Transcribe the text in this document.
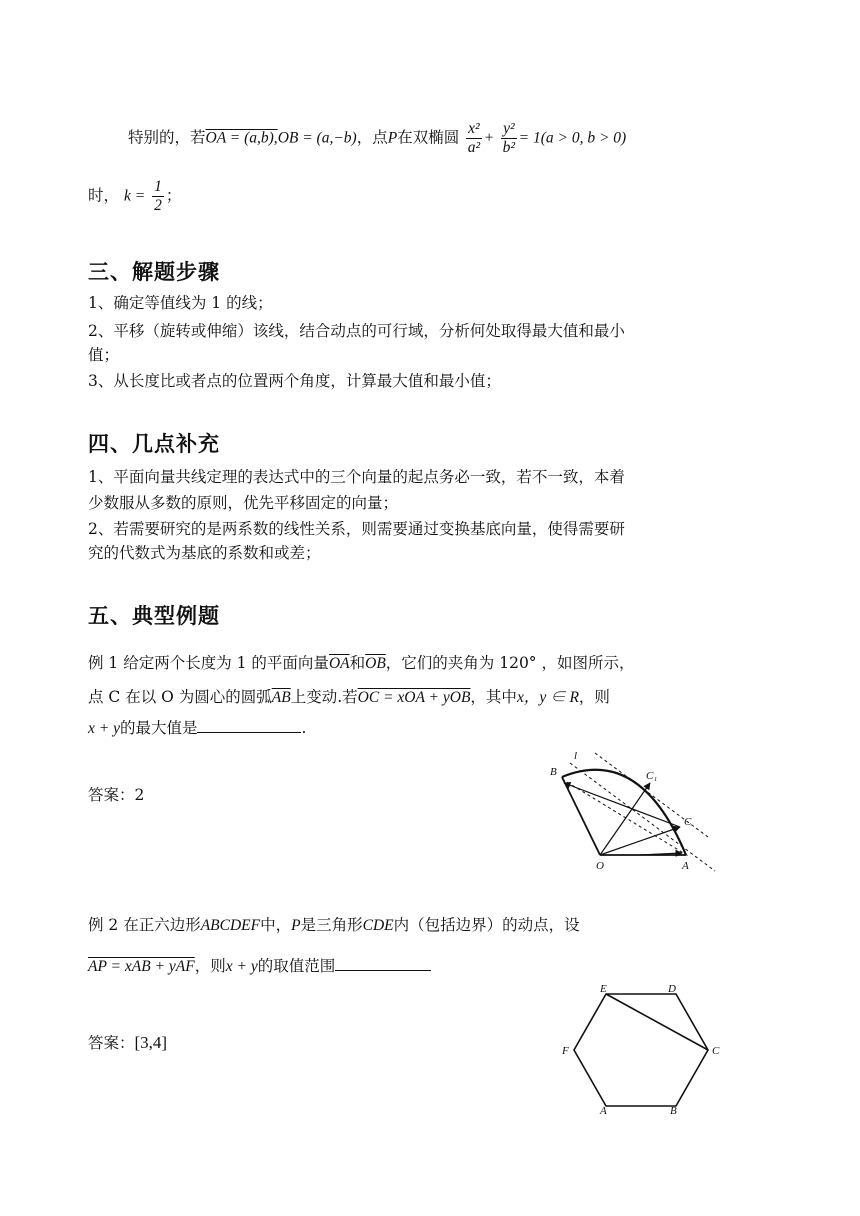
特别的，若OA = (a,b),OB = (a,−b)，点P在双椭圆 $\frac{\text{x²}}{\text{a²}} + \frac{\text{y²}}{\text{b²}} = 1(a > 0$, b > 0)
时， $k = \frac{1}{2}$ ；
三、解题步骤
1、确定等值线为 1 的线；
2、平移（旋转或伸缩）该线，结合动点的可行域，分析何处取得最大值和最小
值；
3、从长度比或者点的位置两个角度，计算最大值和最小值；
四、几点补充
1、平面向量共线定理的表达式中的三个向量的起点务必一致，若不一致，本着
少数服从多数的原则，优先平移固定的向量；
2、若需要研究的是两系数的线性关系，则需要通过变换基底向量，使得需要研
究的代数式为基底的系数和或差；
五、典型例题
例 1 给定两个长度为 1 的平面向量$\overline{OA}$和$\overline{OB}$，它们的夹角为 120° ，如图所示，
点 C 在以 O 为圆心的圆弧$\overline{AB}$上变动.若OC = xOA + yOB，其中x，y ∈ R，则
x + y的最大值是	.
答案：2
l
B	C₁
C
O	A
例 2 在正六边形ABCDEF中，P是三角形CDE内（包括边界）的动点，设
AP = xAB + yAF，则x + y的取值范围
答案：[3,4]
E	D
F	C
A	B
